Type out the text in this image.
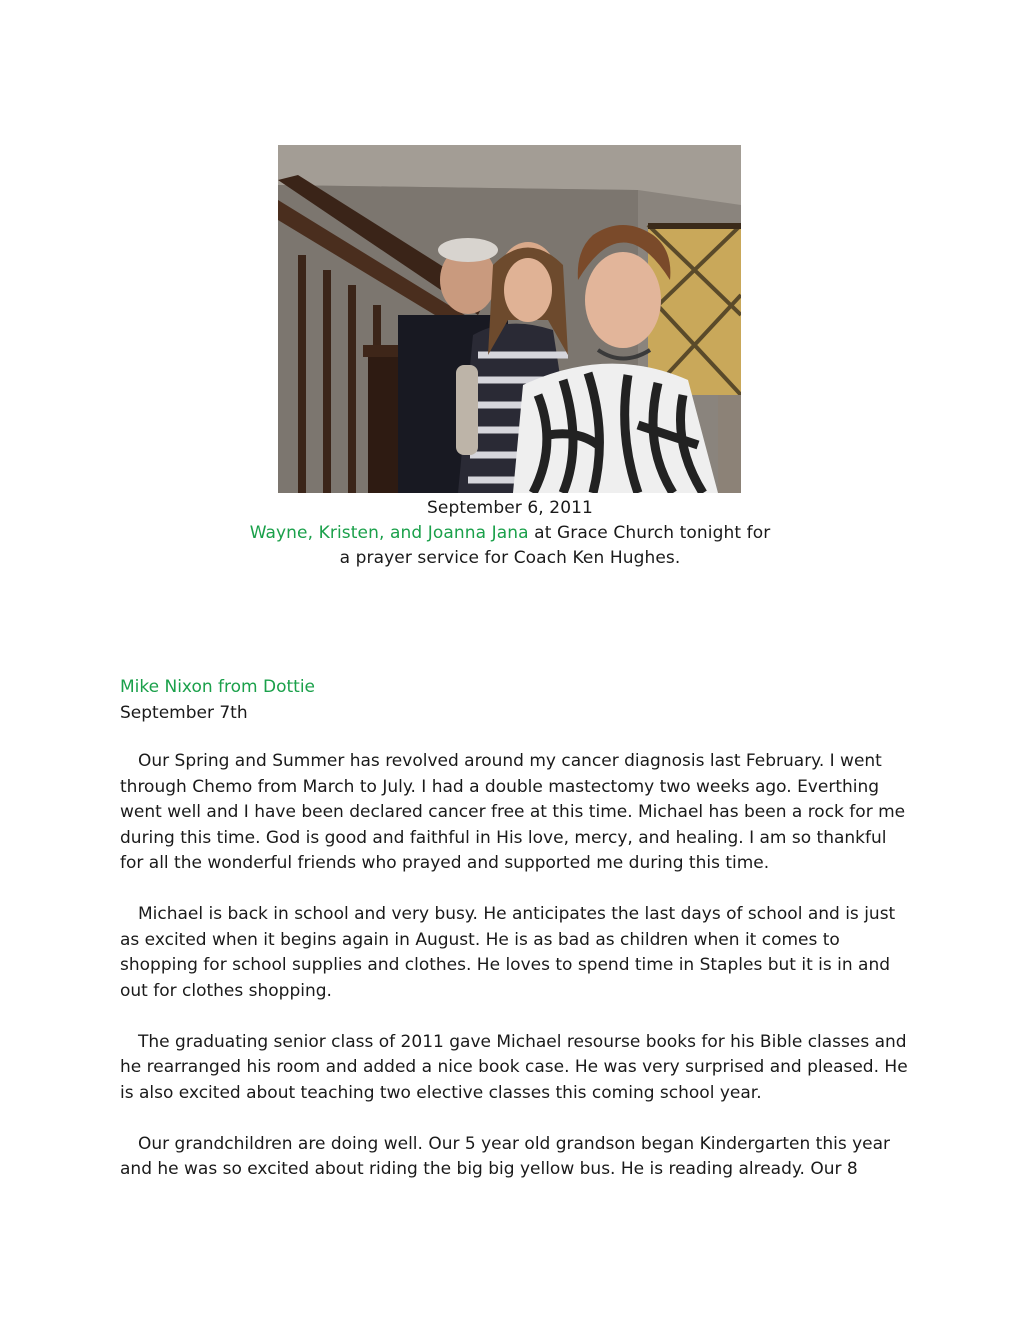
September 6, 2011
Wayne, Kristen, and Joanna Jana at Grace Church tonight for
a prayer service for Coach Ken Hughes.
Mike Nixon from Dottie
September 7th

Our Spring and Summer has revolved around my cancer diagnosis last February. I went through Chemo from March to July. I had a double mastectomy two weeks ago. Everthing went well and I have been declared cancer free at this time. Michael has been a rock for me during this time. God is good and faithful in His love, mercy, and healing. I am so thankful for all the wonderful friends who prayed and supported me during this time.

Michael is back in school and very busy. He anticipates the last days of school and is just as excited when it begins again in August. He is as bad as children when it comes to shopping for school supplies and clothes. He loves to spend time in Staples but it is in and out for clothes shopping.

The graduating senior class of 2011 gave Michael resourse books for his Bible classes and he rearranged his room and added a nice book case. He was very surprised and pleased. He is also excited about teaching two elective classes this coming school year.

Our grandchildren are doing well. Our 5 year old grandson began Kindergarten this year and he was so excited about riding the big big yellow bus. He is reading already. Our 8
